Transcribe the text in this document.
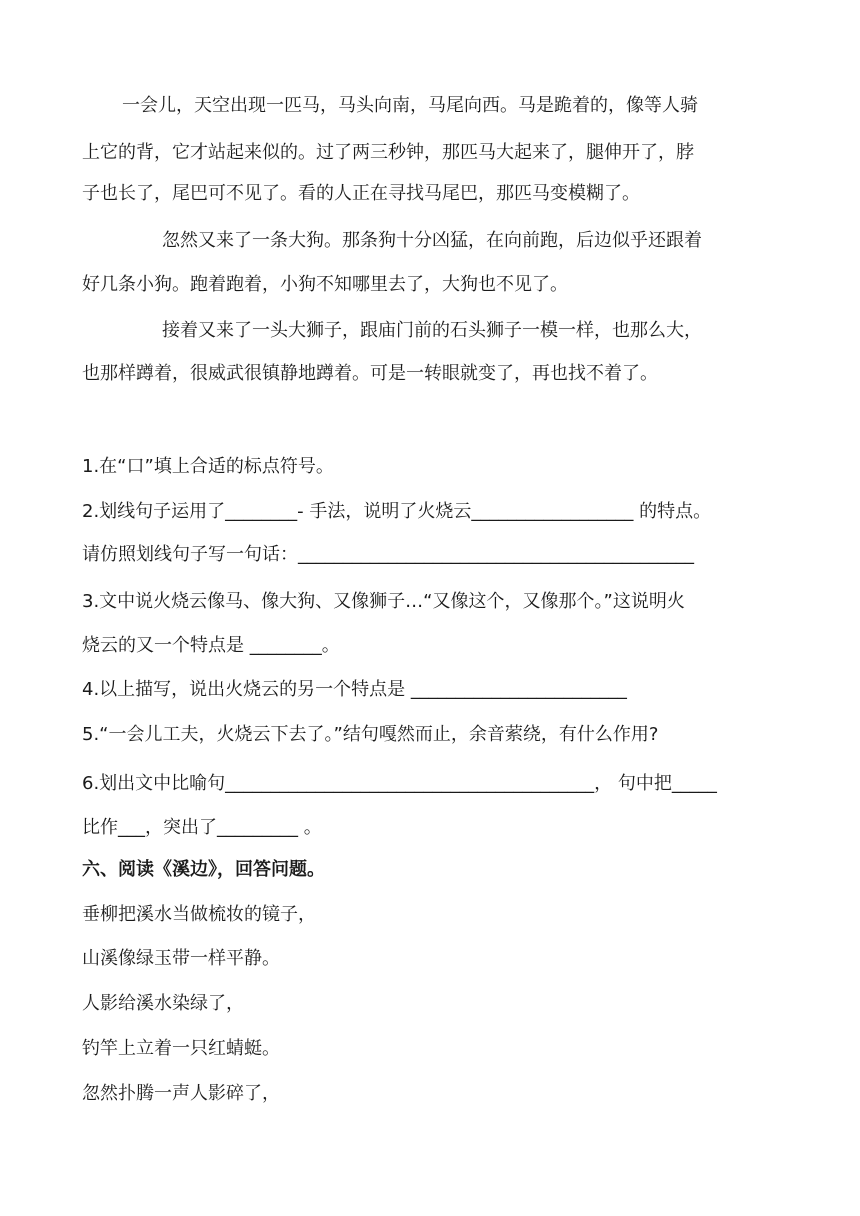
一会儿，天空出现一匹马，马头向南，马尾向西。马是跪着的，像等人骑
上它的背，它才站起来似的。过了两三秒钟，那匹马大起来了，腿伸开了，脖
子也长了，尾巴可不见了。看的人正在寻找马尾巴，那匹马变模糊了。
忽然又来了一条大狗。那条狗十分凶猛，在向前跑，后边似乎还跟着
好几条小狗。跑着跑着，小狗不知哪里去了，大狗也不见了。
接着又来了一头大狮子，跟庙门前的石头狮子一模一样，也那么大，
也那样蹲着，很威武很镇静地蹲着。可是一转眼就变了，再也找不着了。
1.在“口”填上合适的标点符号。
2.划线句子运用了________- 手法，说明了火烧云__________________ 的特点。
请仿照划线句子写一句话：____________________________________________
3.文中说火烧云像马、像大狗、又像狮子…“又像这个，又像那个。”这说明火
烧云的又一个特点是 ________。
4.以上描写，说出火烧云的另一个特点是 ________________________
5.“一会儿工夫，火烧云下去了。”结句嘎然而止，余音萦绕，有什么作用?
6.划出文中比喻句_________________________________________， 句中把_____
比作___，突出了_________ 。
六、阅读《溪边》，回答问题。
垂柳把溪水当做梳妆的镜子，
山溪像绿玉带一样平静。
人影给溪水染绿了，
钓竿上立着一只红蜻蜓。
忽然扑腾一声人影碎了，
